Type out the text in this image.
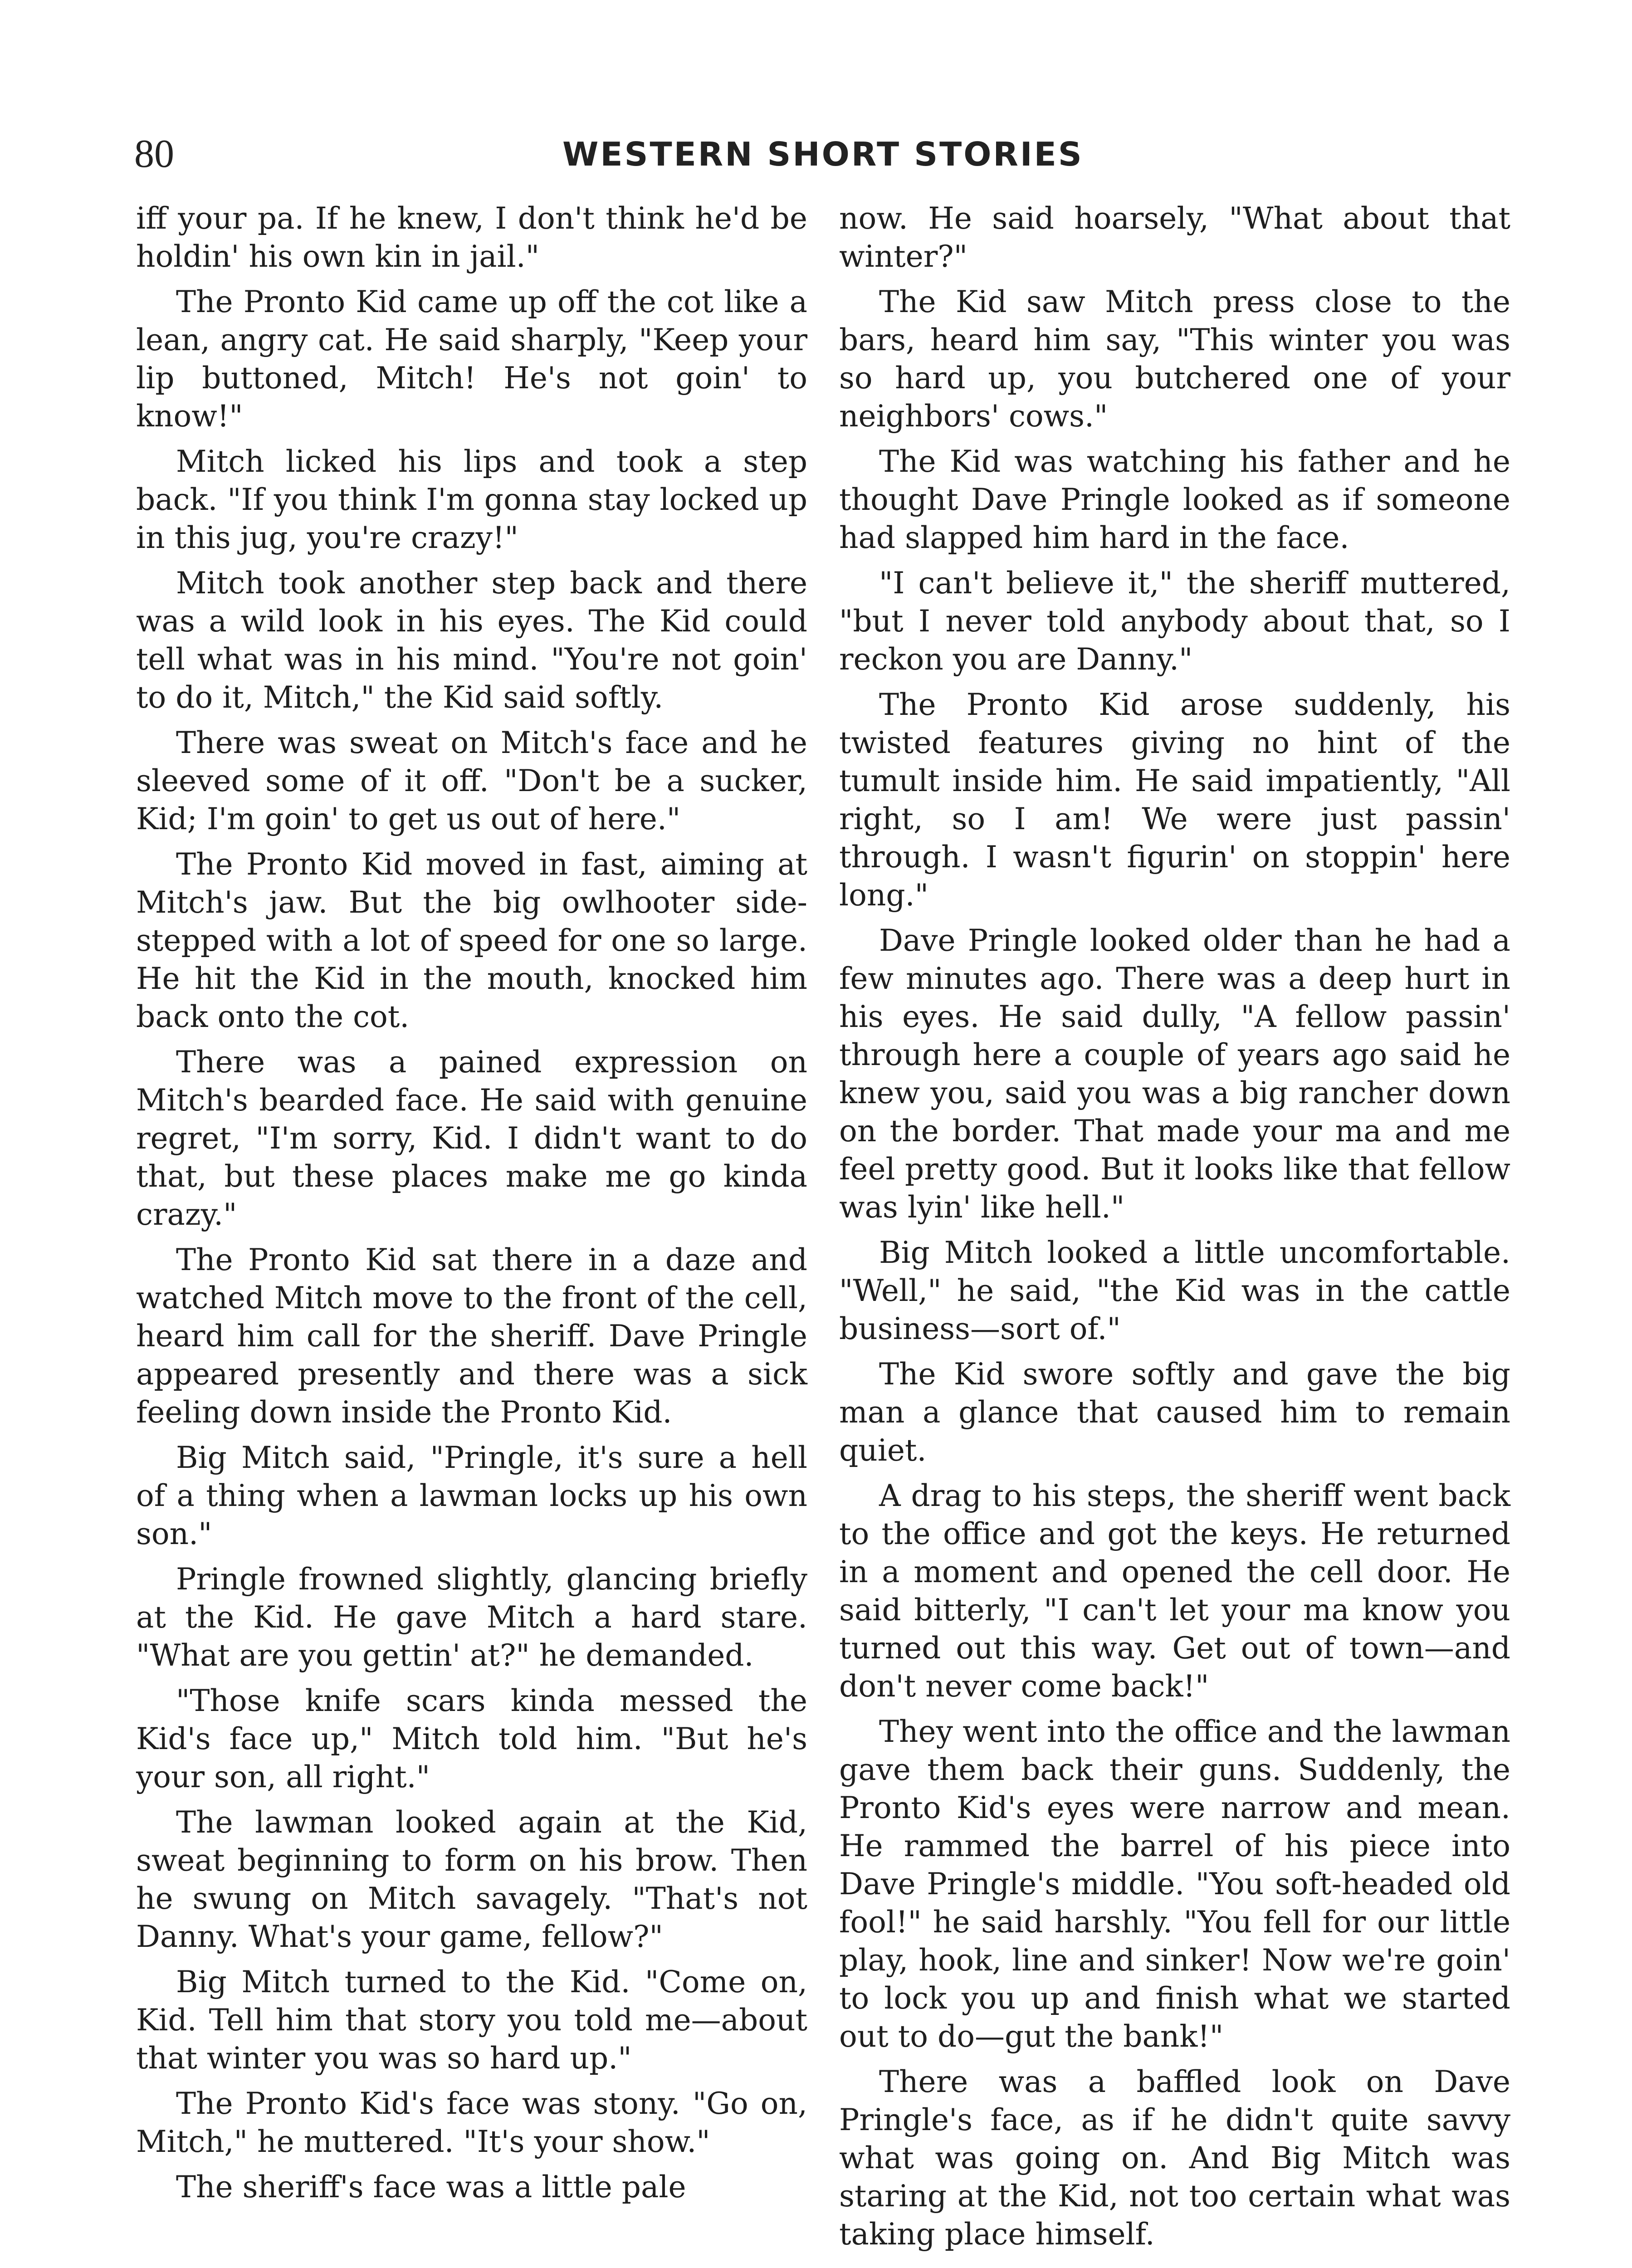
80	WESTERN SHORT STORIES

iff your pa. If he knew, I don't think he'd be holdin' his own kin in jail."

The Pronto Kid came up off the cot like a lean, angry cat. He said sharply, "Keep your lip buttoned, Mitch! He's not goin' to know!"

Mitch licked his lips and took a step back. "If you think I'm gonna stay locked up in this jug, you're crazy!"

Mitch took another step back and there was a wild look in his eyes. The Kid could tell what was in his mind. "You're not goin' to do it, Mitch," the Kid said softly.

There was sweat on Mitch's face and he sleeved some of it off. "Don't be a sucker, Kid; I'm goin' to get us out of here."

The Pronto Kid moved in fast, aiming at Mitch's jaw. But the big owlhooter side-stepped with a lot of speed for one so large. He hit the Kid in the mouth, knocked him back onto the cot.

There was a pained expression on Mitch's bearded face. He said with genuine regret, "I'm sorry, Kid. I didn't want to do that, but these places make me go kinda crazy."

The Pronto Kid sat there in a daze and watched Mitch move to the front of the cell, heard him call for the sheriff. Dave Pringle appeared presently and there was a sick feeling down inside the Pronto Kid.

Big Mitch said, "Pringle, it's sure a hell of a thing when a lawman locks up his own son."

Pringle frowned slightly, glancing briefly at the Kid. He gave Mitch a hard stare. "What are you gettin' at?" he demanded.

"Those knife scars kinda messed the Kid's face up," Mitch told him. "But he's your son, all right."

The lawman looked again at the Kid, sweat beginning to form on his brow. Then he swung on Mitch savagely. "That's not Danny. What's your game, fellow?"

Big Mitch turned to the Kid. "Come on, Kid. Tell him that story you told me—about that winter you was so hard up."

The Pronto Kid's face was stony. "Go on, Mitch," he muttered. "It's your show."

The sheriff's face was a little pale

now. He said hoarsely, "What about that winter?"

The Kid saw Mitch press close to the bars, heard him say, "This winter you was so hard up, you butchered one of your neighbors' cows."

The Kid was watching his father and he thought Dave Pringle looked as if someone had slapped him hard in the face.

"I can't believe it," the sheriff muttered, "but I never told anybody about that, so I reckon you are Danny."

The Pronto Kid arose suddenly, his twisted features giving no hint of the tumult inside him. He said impatiently, "All right, so I am! We were just passin' through. I wasn't figurin' on stoppin' here long."

Dave Pringle looked older than he had a few minutes ago. There was a deep hurt in his eyes. He said dully, "A fellow passin' through here a couple of years ago said he knew you, said you was a big rancher down on the border. That made your ma and me feel pretty good. But it looks like that fellow was lyin' like hell."

Big Mitch looked a little uncomfortable. "Well," he said, "the Kid was in the cattle business—sort of."

The Kid swore softly and gave the big man a glance that caused him to remain quiet.

A drag to his steps, the sheriff went back to the office and got the keys. He returned in a moment and opened the cell door. He said bitterly, "I can't let your ma know you turned out this way. Get out of town—and don't never come back!"

They went into the office and the lawman gave them back their guns. Suddenly, the Pronto Kid's eyes were narrow and mean. He rammed the barrel of his piece into Dave Pringle's middle. "You soft-headed old fool!" he said harshly. "You fell for our little play, hook, line and sinker! Now we're goin' to lock you up and finish what we started out to do—gut the bank!"

There was a baffled look on Dave Pringle's face, as if he didn't quite savvy what was going on. And Big Mitch was staring at the Kid, not too certain what was taking place himself.
